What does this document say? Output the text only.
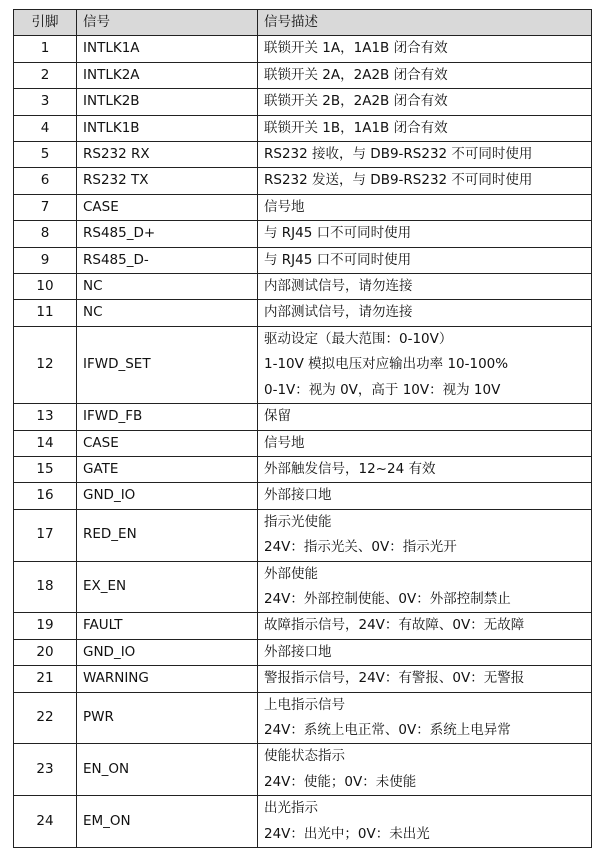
引脚	信号	信号描述
1	INTLK1A	联锁开关 1A，1A1B 闭合有效

2	INTLK2A	联锁开关 2A，2A2B 闭合有效

3	INTLK2B	联锁开关 2B，2A2B 闭合有效

4	INTLK1B	联锁开关 1B，1A1B 闭合有效

5	RS232 RX	RS232 接收，与 DB9-RS232 不可同时使用

6	RS232 TX	RS232 发送，与 DB9-RS232 不可同时使用

7	CASE	信号地

8	RS485_D+	与 RJ45 口不可同时使用

9	RS485_D-	与 RJ45 口不可同时使用

10	NC	内部测试信号，请勿连接

11	NC	内部测试信号，请勿连接

12	IFWD_SET	驱动设定（最大范围：0-10V）
1-10V 模拟电压对应输出功率 10-100%
0-1V：视为 0V，高于 10V：视为 10V

13	IFWD_FB	保留

14	CASE	信号地

15	GATE	外部触发信号，12~24 有效

16	GND_IO	外部接口地

17	RED_EN	指示光使能
24V：指示光关、0V：指示光开

18	EX_EN	外部使能
24V：外部控制使能、0V：外部控制禁止

19	FAULT	故障指示信号，24V：有故障、0V：无故障

20	GND_IO	外部接口地

21	WARNING	警报指示信号，24V：有警报、0V：无警报

22	PWR	上电指示信号
24V：系统上电正常、0V：系统上电异常

23	EN_ON	使能状态指示
24V：使能；0V：未使能

24	EM_ON	出光指示
24V：出光中；0V：未出光
